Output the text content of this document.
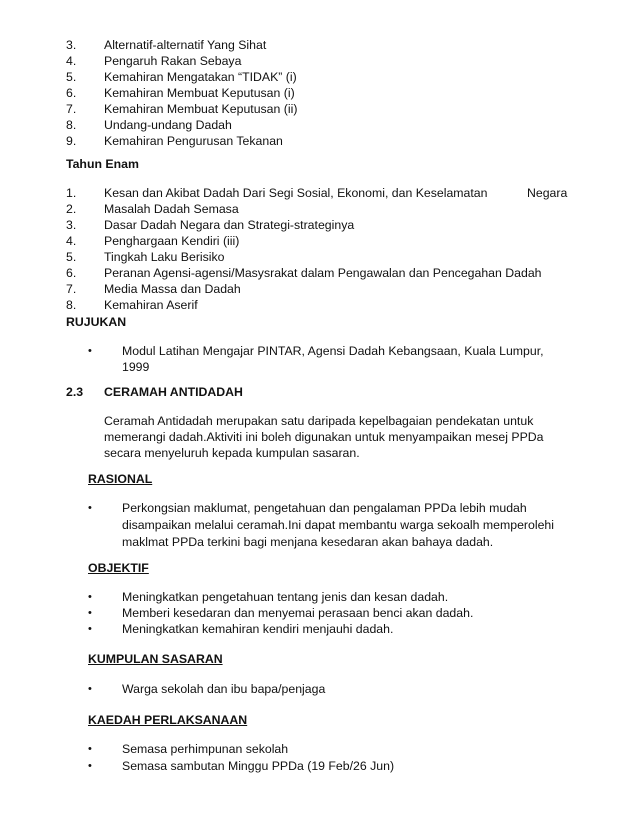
3. Alternatif-alternatif Yang Sihat
4. Pengaruh Rakan Sebaya
5. Kemahiran Mengatakan “TIDAK” (i)
6. Kemahiran Membuat Keputusan (i)
7. Kemahiran Membuat Keputusan (ii)
8. Undang-undang Dadah
9. Kemahiran Pengurusan Tekanan
Tahun Enam
1. Kesan dan Akibat Dadah Dari Segi Sosial, Ekonomi, dan Keselamatan	Negara
2. Masalah Dadah Semasa
3. Dasar Dadah Negara dan Strategi-strateginya
4. Penghargaan Kendiri (iii)
5. Tingkah Laku Berisiko
6. Peranan Agensi-agensi/Masysrakat dalam Pengawalan dan Pencegahan Dadah
7. Media Massa dan Dadah
8. Kemahiran Aserif
RUJUKAN
• Modul Latihan Mengajar PINTAR, Agensi Dadah Kebangsaan, Kuala Lumpur,
1999
2.3 CERAMAH ANTIDADAH
Ceramah Antidadah merupakan satu daripada kepelbagaian pendekatan untuk
memerangi dadah.Aktiviti ini boleh digunakan untuk menyampaikan mesej PPDa
secara menyeluruh kepada kumpulan sasaran.
RASIONAL
• Perkongsian maklumat, pengetahuan dan pengalaman PPDa lebih mudah
disampaikan melalui ceramah.Ini dapat membantu warga sekoalh memperolehi
maklmat PPDa terkini bagi menjana kesedaran akan bahaya dadah.
OBJEKTIF
• Meningkatkan pengetahuan tentang jenis dan kesan dadah.
• Memberi kesedaran dan menyemai perasaan benci akan dadah.
• Meningkatkan kemahiran kendiri menjauhi dadah.
KUMPULAN SASARAN
• Warga sekolah dan ibu bapa/penjaga
KAEDAH PERLAKSANAAN
• Semasa perhimpunan sekolah
• Semasa sambutan Minggu PPDa (19 Feb/26 Jun)
